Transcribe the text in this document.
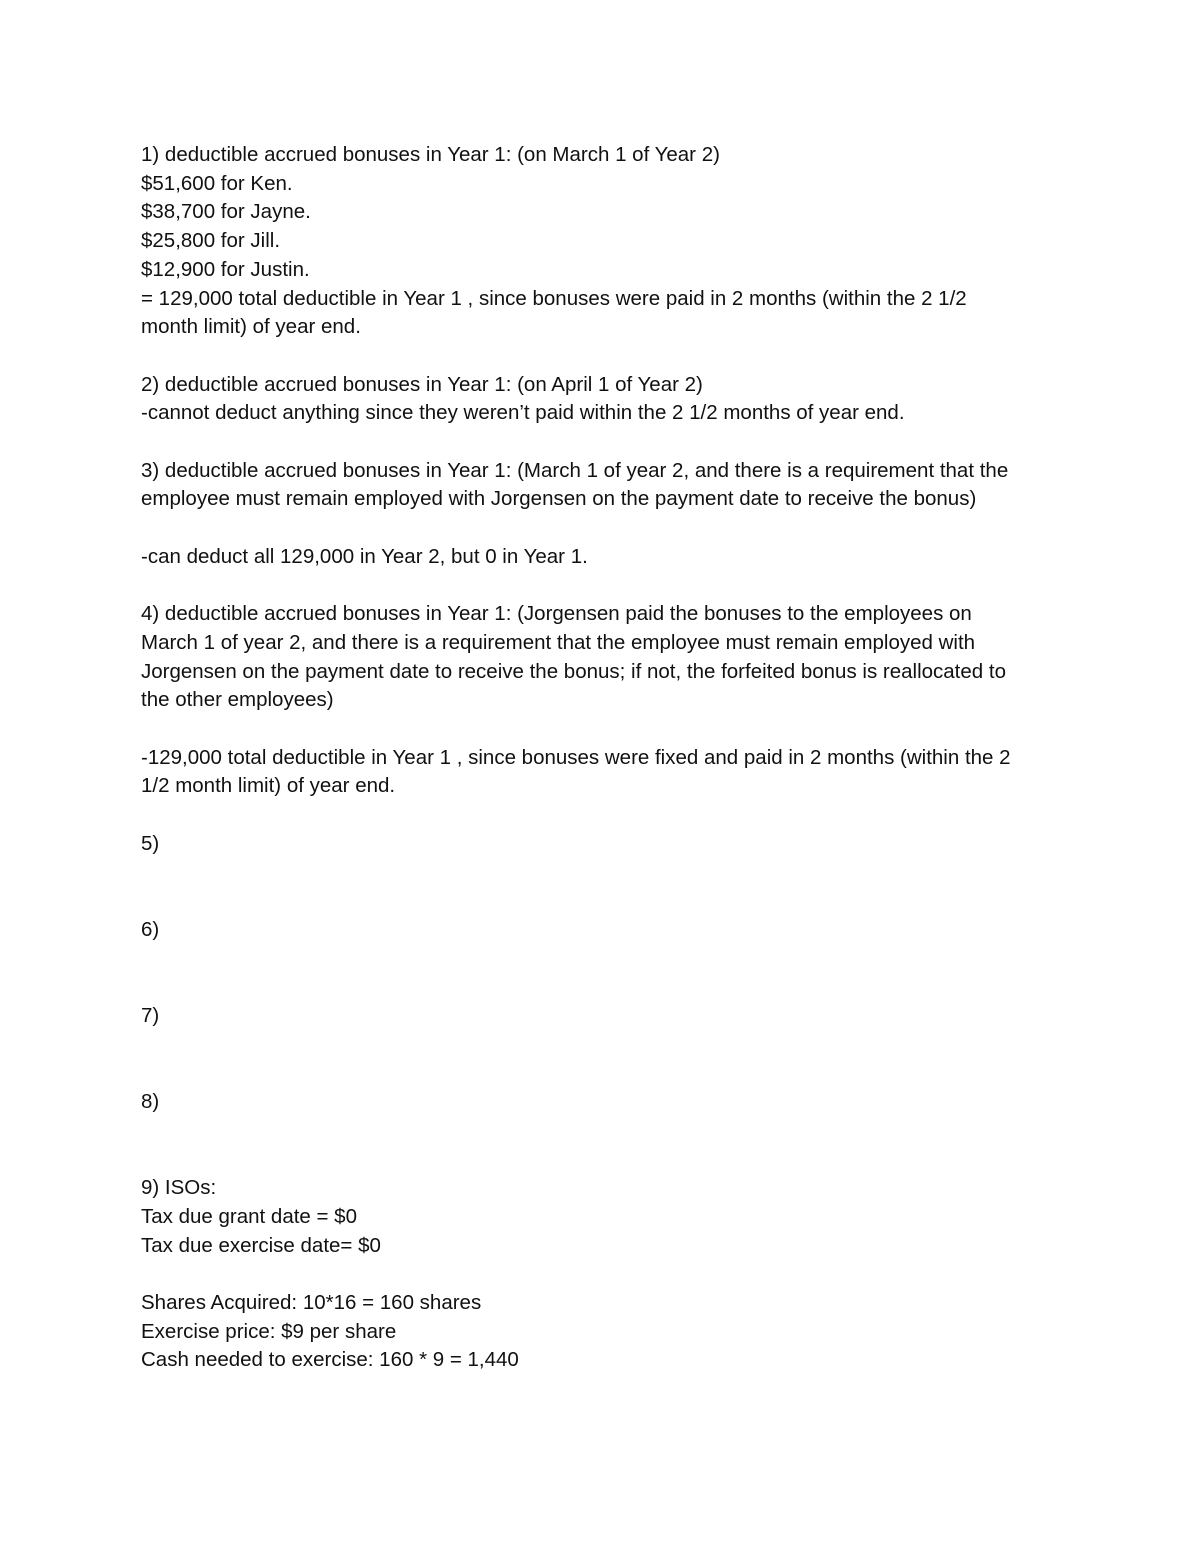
1) deductible accrued bonuses in Year 1: (on March 1 of Year 2)
$51,600 for Ken.
$38,700 for Jayne.
$25,800 for Jill.
$12,900 for Justin.
= 129,000 total deductible in Year 1 , since bonuses were paid in 2 months (within the 2 1/2
month limit) of year end.
2) deductible accrued bonuses in Year 1: (on April 1 of Year 2)
-cannot deduct anything since they weren’t paid within the 2 1/2 months of year end.
3) deductible accrued bonuses in Year 1: (March 1 of year 2, and there is a requirement that the
employee must remain employed with Jorgensen on the payment date to receive the bonus)
-can deduct all 129,000 in Year 2, but 0 in Year 1.
4) deductible accrued bonuses in Year 1: (Jorgensen paid the bonuses to the employees on
March 1 of year 2, and there is a requirement that the employee must remain employed with
Jorgensen on the payment date to receive the bonus; if not, the forfeited bonus is reallocated to
the other employees)
-129,000 total deductible in Year 1 , since bonuses were fixed and paid in 2 months (within the 2
1/2 month limit) of year end.
5)
6)
7)
8)
9) ISOs:
Tax due grant date = $0
Tax due exercise date= $0
Shares Acquired: 10*16 = 160 shares
Exercise price: $9 per share
Cash needed to exercise: 160 * 9 = 1,440
